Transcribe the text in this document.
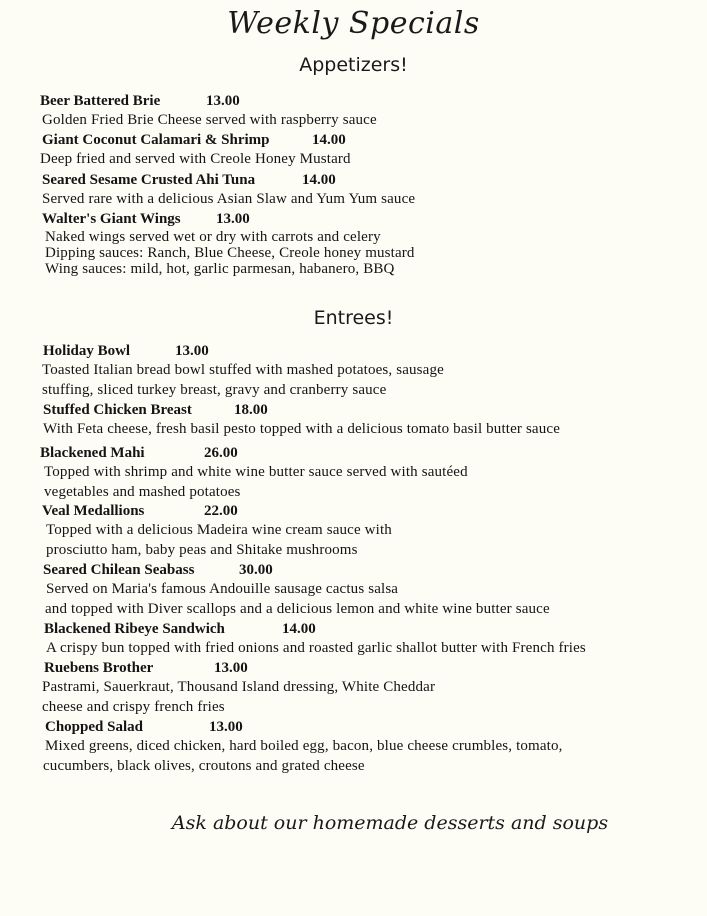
Weekly Specials
Appetizers!
Beer Battered Brie	13.00
Golden Fried Brie Cheese served with raspberry sauce
Giant Coconut Calamari & Shrimp	14.00
Deep fried and served with Creole Honey Mustard
Seared Sesame Crusted Ahi Tuna	14.00
Served rare with a delicious Asian Slaw and Yum Yum sauce
Walter's Giant Wings 13.00
Naked wings served wet or dry with carrots and celery
Dipping sauces: Ranch, Blue Cheese, Creole honey mustard
Wing sauces: mild, hot, garlic parmesan, habanero, BBQ
Entrees!
Holiday Bowl	13.00
Toasted Italian bread bowl stuffed with mashed potatoes, sausage
stuffing, sliced turkey breast, gravy and cranberry sauce
Stuffed Chicken Breast	18.00
With Feta cheese, fresh basil pesto topped with a delicious tomato basil butter sauce
Blackened Mahi	26.00
Topped with shrimp and white wine butter sauce served with sautéed
vegetables and mashed potatoes
Veal Medallions	22.00
Topped with a delicious Madeira wine cream sauce with
prosciutto ham, baby peas and Shitake mushrooms
Seared Chilean Seabass	30.00
Served on Maria's famous Andouille sausage cactus salsa
and topped with Diver scallops and a delicious lemon and white wine butter sauce
Blackened Ribeye Sandwich	14.00
A crispy bun topped with fried onions and roasted garlic shallot butter with French fries
Ruebens Brother	13.00
Pastrami, Sauerkraut, Thousand Island dressing, White Cheddar
cheese and crispy french fries
Chopped Salad	13.00
Mixed greens, diced chicken, hard boiled egg, bacon, blue cheese crumbles, tomato,
cucumbers, black olives, croutons and grated cheese
Ask about our homemade desserts and soups
